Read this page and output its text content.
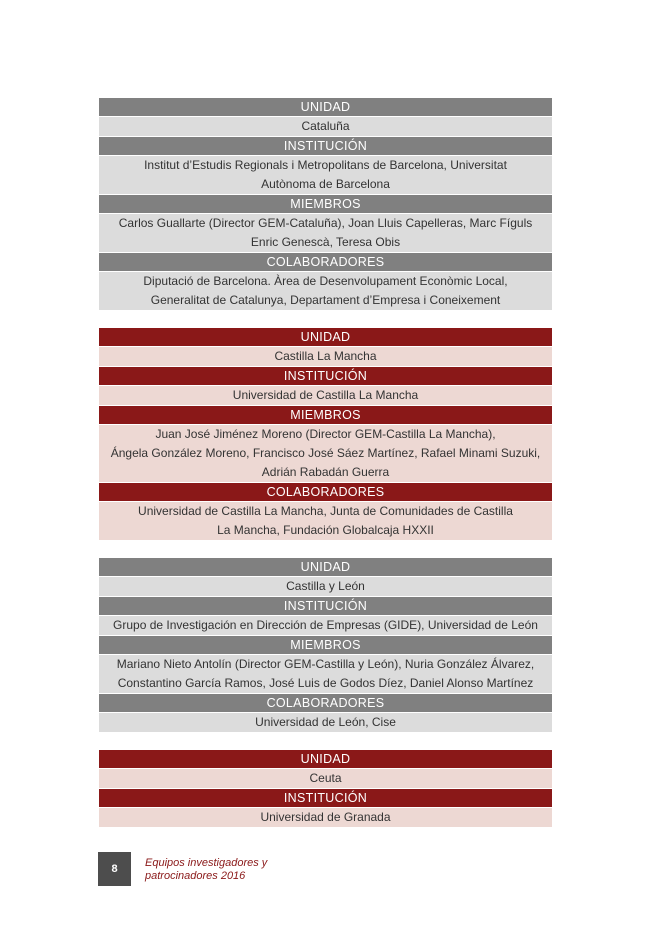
UNIDAD
Cataluña
INSTITUCIÓN
Institut d’Estudis Regionals i Metropolitans de Barcelona, Universitat
Autònoma de Barcelona
MIEMBROS
Carlos Guallarte (Director GEM-Cataluña), Joan Lluis Capelleras, Marc Fíguls
Enric Genescà, Teresa Obis
COLABORADORES
Diputació de Barcelona. Àrea de Desenvolupament Econòmic Local,
Generalitat de Catalunya, Departament d’Empresa i Coneixement
UNIDAD
Castilla La Mancha
INSTITUCIÓN
Universidad de Castilla La Mancha
MIEMBROS
Juan José Jiménez Moreno (Director GEM-Castilla La Mancha),
Ángela González Moreno, Francisco José Sáez Martínez, Rafael Minami Suzuki,
Adrián Rabadán Guerra
COLABORADORES
Universidad de Castilla La Mancha, Junta de Comunidades de Castilla
La Mancha, Fundación Globalcaja HXXII
UNIDAD
Castilla y León
INSTITUCIÓN
Grupo de Investigación en Dirección de Empresas (GIDE), Universidad de León
MIEMBROS
Mariano Nieto Antolín (Director GEM-Castilla y León), Nuria González Álvarez,
Constantino García Ramos, José Luis de Godos Díez, Daniel Alonso Martínez
COLABORADORES
Universidad de León, Cise
UNIDAD
Ceuta
INSTITUCIÓN
Universidad de Granada
8	Equipos investigadores y
patrocinadores 2016
